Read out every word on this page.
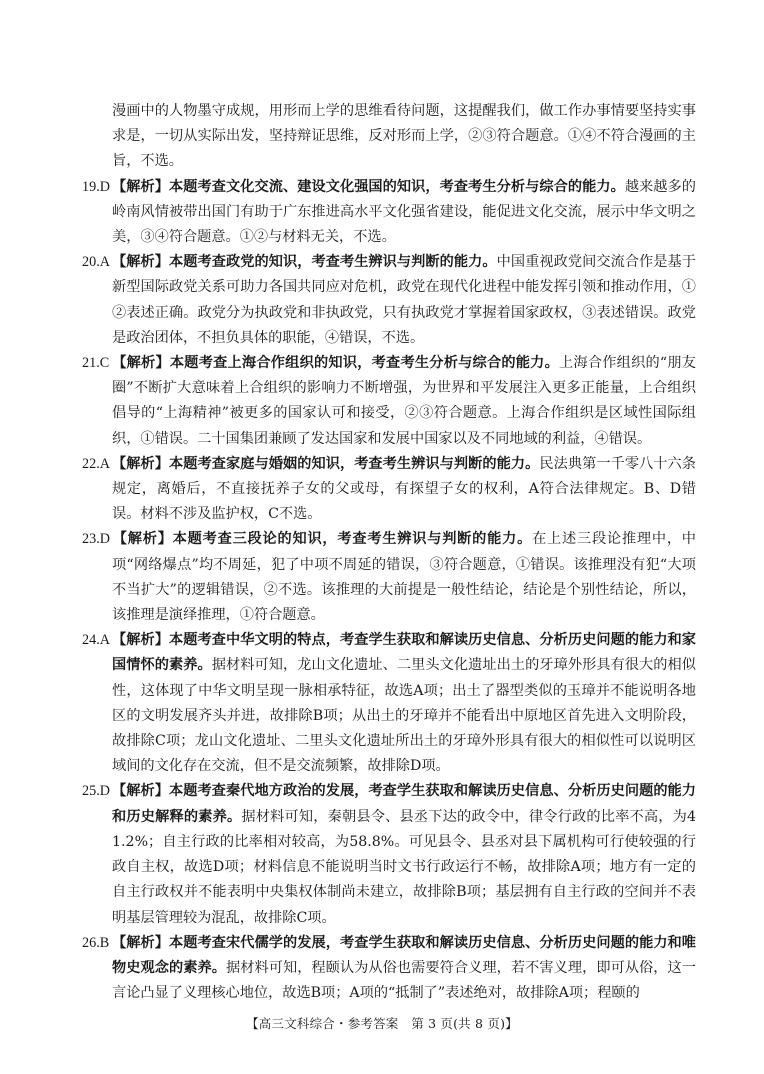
漫画中的人物墨守成规，用形而上学的思维看待问题，这提醒我们，做工作办事情要坚持实事求是，一切从实际出发，坚持辩证思维，反对形而上学，②③符合题意。①④不符合漫画的主旨，不选。

19.D 【解析】本题考查文化交流、建设文化强国的知识，考查考生分析与综合的能力。越来越多的岭南风情被带出国门有助于广东推进高水平文化强省建设，能促进文化交流，展示中华文明之美，③④符合题意。①②与材料无关，不选。

20.A 【解析】本题考查政党的知识，考查考生辨识与判断的能力。中国重视政党间交流合作是基于新型国际政党关系可助力各国共同应对危机，政党在现代化进程中能发挥引领和推动作用，①②表述正确。政党分为执政党和非执政党，只有执政党才掌握着国家政权，③表述错误。政党是政治团体，不担负具体的职能，④错误，不选。

21.C 【解析】本题考查上海合作组织的知识，考查考生分析与综合的能力。上海合作组织的“朋友圈”不断扩大意味着上合组织的影响力不断增强，为世界和平发展注入更多正能量，上合组织倡导的“上海精神”被更多的国家认可和接受，②③符合题意。上海合作组织是区域性国际组织，①错误。二十国集团兼顾了发达国家和发展中国家以及不同地域的利益，④错误。

22.A 【解析】本题考查家庭与婚姻的知识，考查考生辨识与判断的能力。民法典第一千零八十六条规定，离婚后，不直接抚养子女的父或母，有探望子女的权利，A符合法律规定。B、D错误。材料不涉及监护权，C不选。

23.D 【解析】本题考查三段论的知识，考查考生辨识与判断的能力。在上述三段论推理中，中项“网络爆点”均不周延，犯了中项不周延的错误，③符合题意，①错误。该推理没有犯“大项不当扩大”的逻辑错误，②不选。该推理的大前提是一般性结论，结论是个别性结论，所以，该推理是演绎推理，①符合题意。

24.A 【解析】本题考查中华文明的特点，考查学生获取和解读历史信息、分析历史问题的能力和家国情怀的素养。据材料可知，龙山文化遗址、二里头文化遗址出土的牙璋外形具有很大的相似性，这体现了中华文明呈现一脉相承特征，故选A项；出土了器型类似的玉璋并不能说明各地区的文明发展齐头并进，故排除B项；从出土的牙璋并不能看出中原地区首先进入文明阶段，故排除C项；龙山文化遗址、二里头文化遗址所出土的牙璋外形具有很大的相似性可以说明区域间的文化存在交流，但不是交流频繁，故排除D项。

25.D 【解析】本题考查秦代地方政治的发展，考查学生获取和解读历史信息、分析历史问题的能力和历史解释的素养。据材料可知，秦朝县令、县丞下达的政令中，律令行政的比率不高，为41.2%；自主行政的比率相对较高，为58.8%。可见县令、县丞对县下属机构可行使较强的行政自主权，故选D项；材料信息不能说明当时文书行政运行不畅，故排除A项；地方有一定的自主行政权并不能表明中央集权体制尚未建立，故排除B项；基层拥有自主行政的空间并不表明基层管理较为混乱，故排除C项。

26.B 【解析】本题考查宋代儒学的发展，考查学生获取和解读历史信息、分析历史问题的能力和唯物史观念的素养。据材料可知，程颐认为从俗也需要符合义理，若不害义理，即可从俗，这一言论凸显了义理核心地位，故选B项；A项的“抵制了”表述绝对，故排除A项；程颐的

【高三文科综合・参考答案　第 3 页(共 8 页)】
